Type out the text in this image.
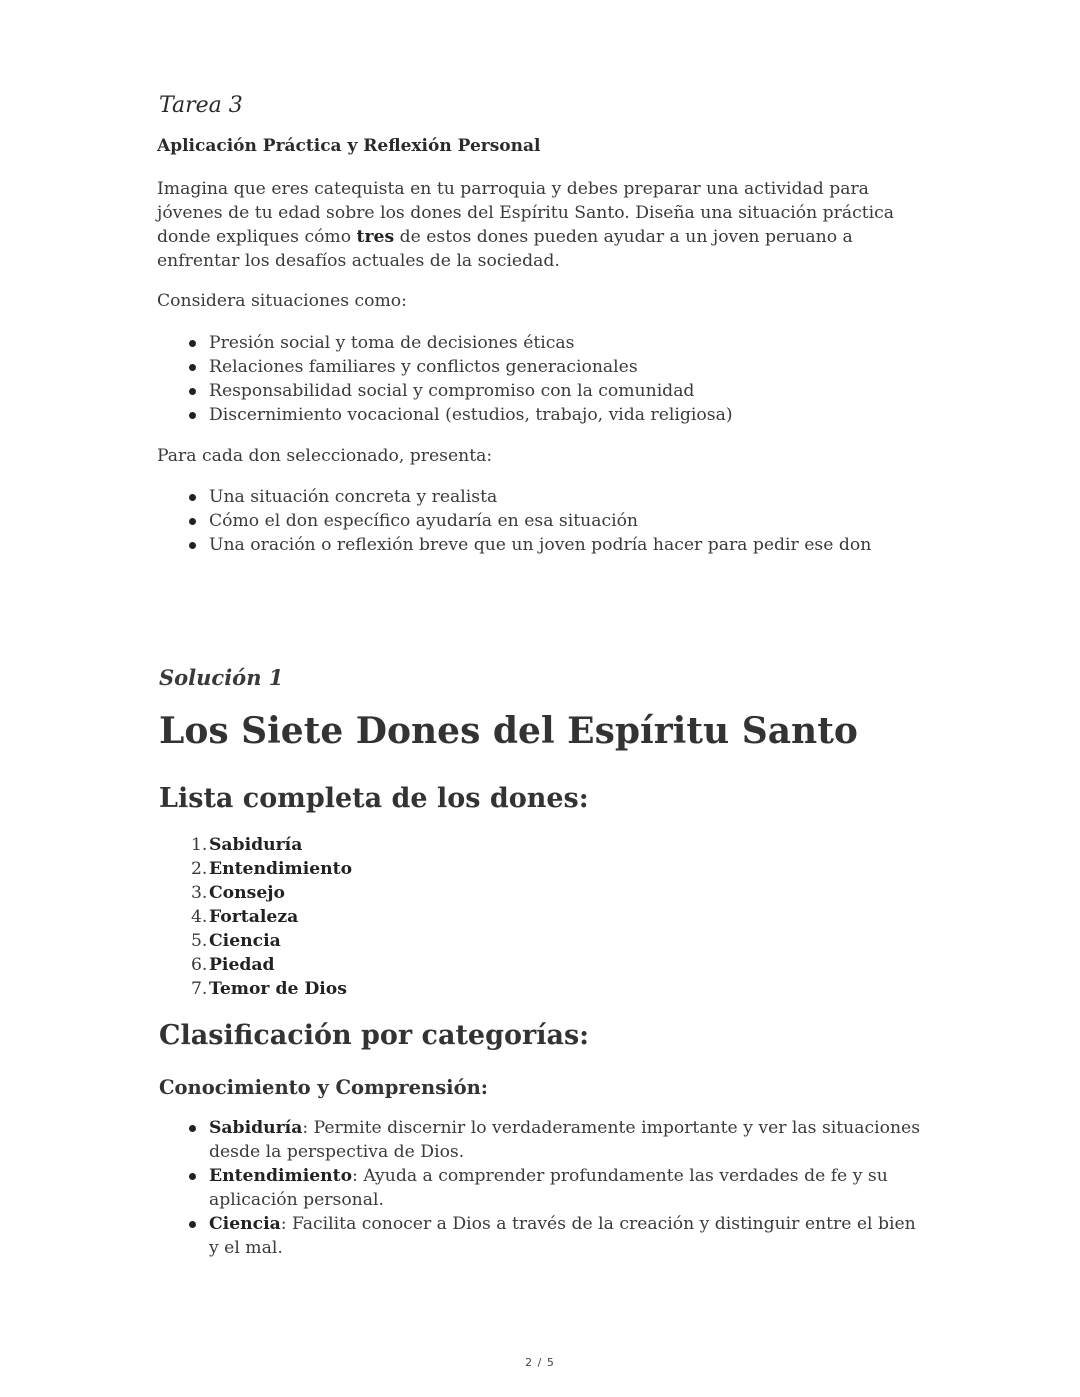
Tarea 3
Aplicación Práctica y Reflexión Personal

Imagina que eres catequista en tu parroquia y debes preparar una actividad para jóvenes de tu edad sobre los dones del Espíritu Santo. Diseña una situación práctica donde expliques cómo tres de estos dones pueden ayudar a un joven peruano a enfrentar los desafíos actuales de la sociedad.

Considera situaciones como:

Presión social y toma de decisiones éticas
Relaciones familiares y conflictos generacionales
Responsabilidad social y compromiso con la comunidad
Discernimiento vocacional (estudios, trabajo, vida religiosa)

Para cada don seleccionado, presenta:

Una situación concreta y realista
Cómo el don específico ayudaría en esa situación
Una oración o reflexión breve que un joven podría hacer para pedir ese don
Solución 1
Los Siete Dones del Espíritu Santo
Lista completa de los dones:
1. Sabiduría
2. Entendimiento
3. Consejo
4. Fortaleza
5. Ciencia
6. Piedad
7. Temor de Dios
Clasificación por categorías:
Conocimiento y Comprensión:
Sabiduría: Permite discernir lo verdaderamente importante y ver las situaciones desde la perspectiva de Dios.
Entendimiento: Ayuda a comprender profundamente las verdades de fe y su aplicación personal.
Ciencia: Facilita conocer a Dios a través de la creación y distinguir entre el bien y el mal.
2 / 5
